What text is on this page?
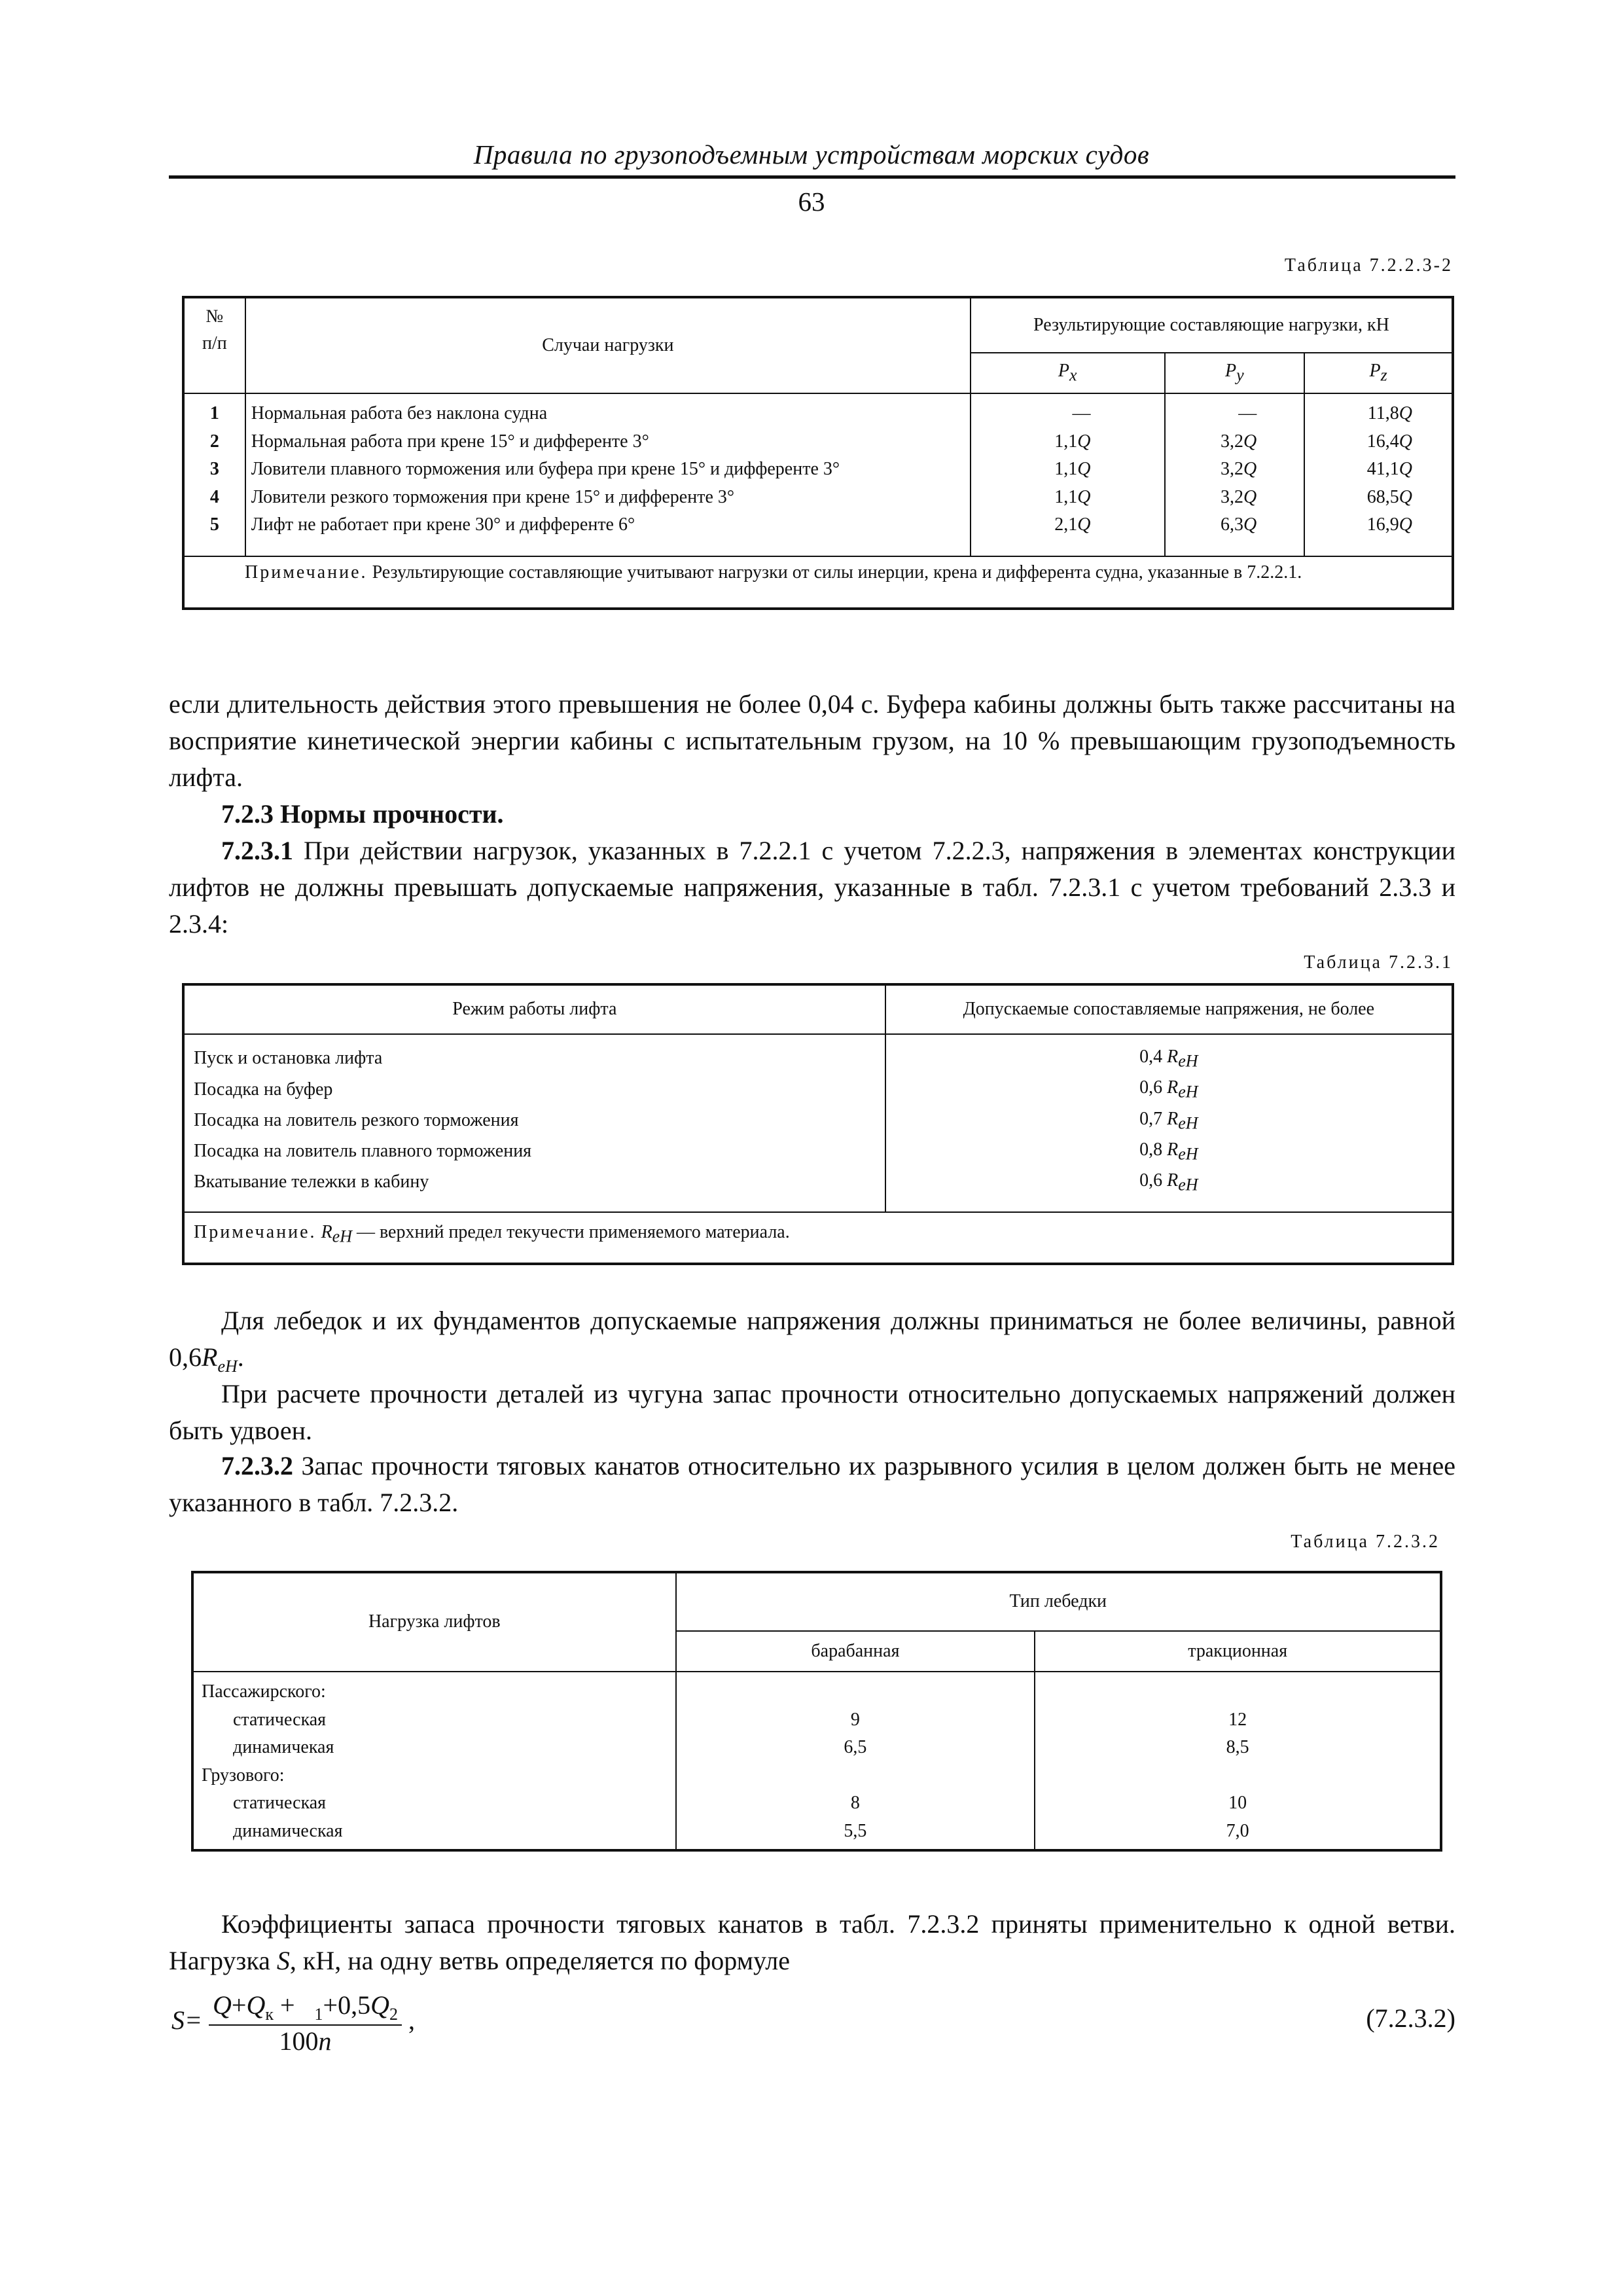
Правила по грузоподъемным устройствам морских судов
63
Таблица 7.2.2.3-2
№
п/п	Случаи нагрузки	Результирующие составляющие нагрузки, кН		
		$P_x$	$P_y$	$P_z$
1	Нормальная работа без наклона судна	—	—	11,8Q
2	Нормальная работа при крене 15° и дифференте 3°	1,1Q	3,2Q	16,4Q
3	Ловители плавного торможения или буфера при крене 15° и дифференте 3°	1,1Q	3,2Q	41,1Q
4	Ловители резкого торможения при крене 15° и дифференте 3°	1,1Q	3,2Q	68,5Q
5	Лифт не работает при крене 30° и дифференте 6°	2,1Q	6,3Q	16,9Q
Примечание. Результирующие составляющие учитывают нагрузки от силы инерции, крена и дифферента судна, указанные в 7.2.2.1.				
если длительность действия этого превышения не более 0,04 с. Буфера кабины должны быть также рассчитаны на восприятие кинетической энергии кабины с испытательным грузом, на 10 % превышающим грузоподъемность лифта.
7.2.3 Нормы прочности.
7.2.3.1 При действии нагрузок, указанных в 7.2.2.1 с учетом 7.2.2.3, напряжения в элементах конструкции лифтов не должны превышать допускаемые напряжения, указанные в табл. 7.2.3.1 с учетом требований 2.3.3 и 2.3.4:
Таблица 7.2.3.1
Режим работы лифта	Допускаемые сопоставляемые напряжения, не более
Пуск и остановка лифта	0,4 $R_{eH}$
Посадка на буфер	0,6 $R_{eH}$
Посадка на ловитель резкого торможения	0,7 $R_{eH}$
Посадка на ловитель плавного торможения	0,8 $R_{eH}$
Вкатывание тележки в кабину	0,6 $R_{eH}$
Примечание. $R_{eH}$ — верхний предел текучести применяемого материала.	
Для лебедок и их фундаментов допускаемые напряжения должны приниматься не более величины, равной $0,6R_{eH}$.
При расчете прочности деталей из чугуна запас прочности относительно допускаемых напряжений должен быть удвоен.
7.2.3.2 Запас прочности тяговых канатов относительно их разрывного усилия в целом должен быть не менее указанного в табл. 7.2.3.2.
Таблица 7.2.3.2
Нагрузка лифтов	Тип лебедки	
	барабанная	тракционная
Пассажирского:		
статическая	9	12
динамичекая	6,5	8,5
Грузового:		
статическая	8	10
динамическая	5,5	7,0
Коэффициенты запаса прочности тяговых канатов в табл. 7.2.3.2 приняты применительно к одной ветви. Нагрузка S, кН, на одну ветвь определяется по формуле
S=
$Q+Q_к + _1+0,5Q_2$
100n
,	(7.2.3.2)
